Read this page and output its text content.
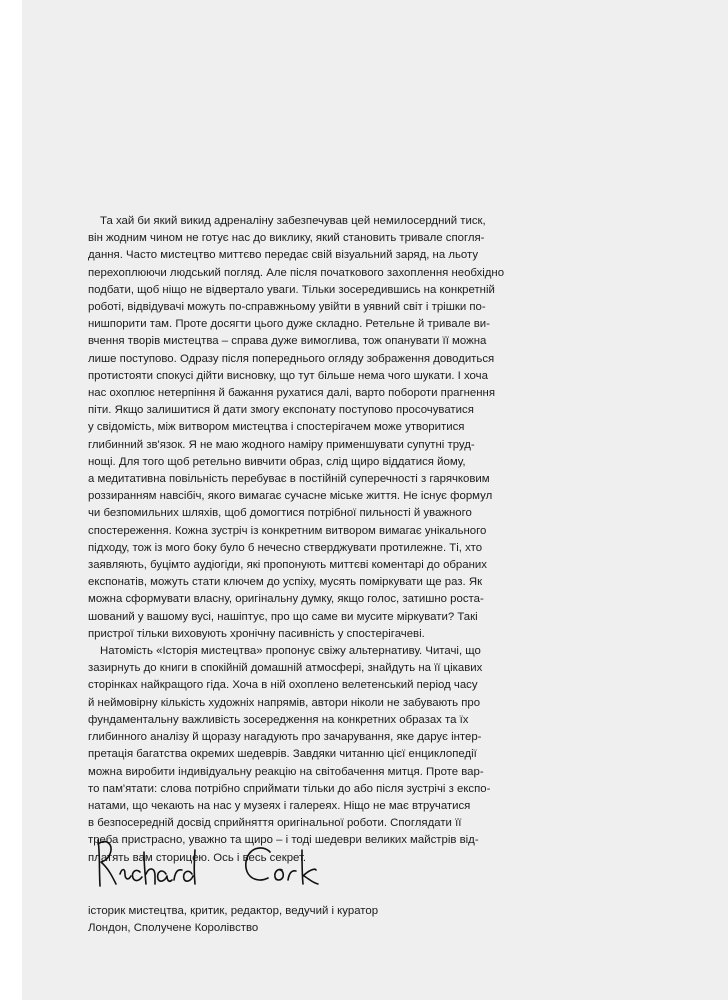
Та хай би який викид адреналіну забезпечував цей немилосердний тиск,
він жодним чином не готує нас до виклику, який становить тривале спогля-
дання. Часто мистецтво миттєво передає свій візуальний заряд, на льоту
перехоплюючи людський погляд. Але після початкового захоплення необхідно
подбати, щоб ніщо не відвертало уваги. Тільки зосередившись на конкретній
роботі, відвідувачі можуть по-справжньому увійти в уявний світ і трішки по-
нишпорити там. Проте досягти цього дуже складно. Ретельне й тривале ви-
вчення творів мистецтва – справа дуже вимоглива, тож опанувати її можна
лише поступово. Одразу після попереднього огляду зображення доводиться
протистояти спокусі дійти висновку, що тут більше нема чого шукати. І хоча
нас охоплює нетерпіння й бажання рухатися далі, варто побороти прагнення
піти. Якщо залишитися й дати змогу експонату поступово просочуватися
у свідомість, між витвором мистецтва і спостерігачем може утворитися
глибинний зв'язок. Я не маю жодного наміру применшувати супутні труд-
нощі. Для того щоб ретельно вивчити образ, слід щиро віддатися йому,
а медитативна повільність перебуває в постійній суперечності з гарячковим
роззиранням навсібіч, якого вимагає сучасне міське життя. Не існує формул
чи безпомильних шляхів, щоб домогтися потрібної пильності й уважного
спостереження. Кожна зустріч із конкретним витвором вимагає унікального
підходу, тож із мого боку було б нечесно стверджувати протилежне. Ті, хто
заявляють, буцімто аудіогіди, які пропонують миттєві коментарі до обраних
експонатів, можуть стати ключем до успіху, мусять поміркувати ще раз. Як
можна сформувати власну, оригінальну думку, якщо голос, затишно роста-
шований у вашому вусі, нашіптує, про що саме ви мусите міркувати? Такі
пристрої тільки виховують хронічну пасивність у спостерігачеві.
Натомість «Історія мистецтва» пропонує свіжу альтернативу. Читачі, що
зазирнуть до книги в спокійній домашній атмосфері, знайдуть на її цікавих
сторінках найкращого гіда. Хоча в ній охоплено велетенський період часу
й неймовірну кількість художніх напрямів, автори ніколи не забувають про
фундаментальну важливість зосередження на конкретних образах та їх
глибинного аналізу й щоразу нагадують про зачарування, яке дарує інтер-
претація багатства окремих шедеврів. Завдяки читанню цієї енциклопедії
можна виробити індивідуальну реакцію на світобачення митця. Проте вар-
то пам'ятати: слова потрібно сприймати тільки до або після зустрічі з експо-
натами, що чекають на нас у музеях і галереях. Ніщо не має втручатися
в безпосередній досвід сприйняття оригінальної роботи. Споглядати її
треба пристрасно, уважно та щиро – і тоді шедеври великих майстрів від-
платять вам сторицею. Ось і весь секрет.
історик мистецтва, критик, редактор, ведучий і куратор
Лондон, Сполучене Королівство
